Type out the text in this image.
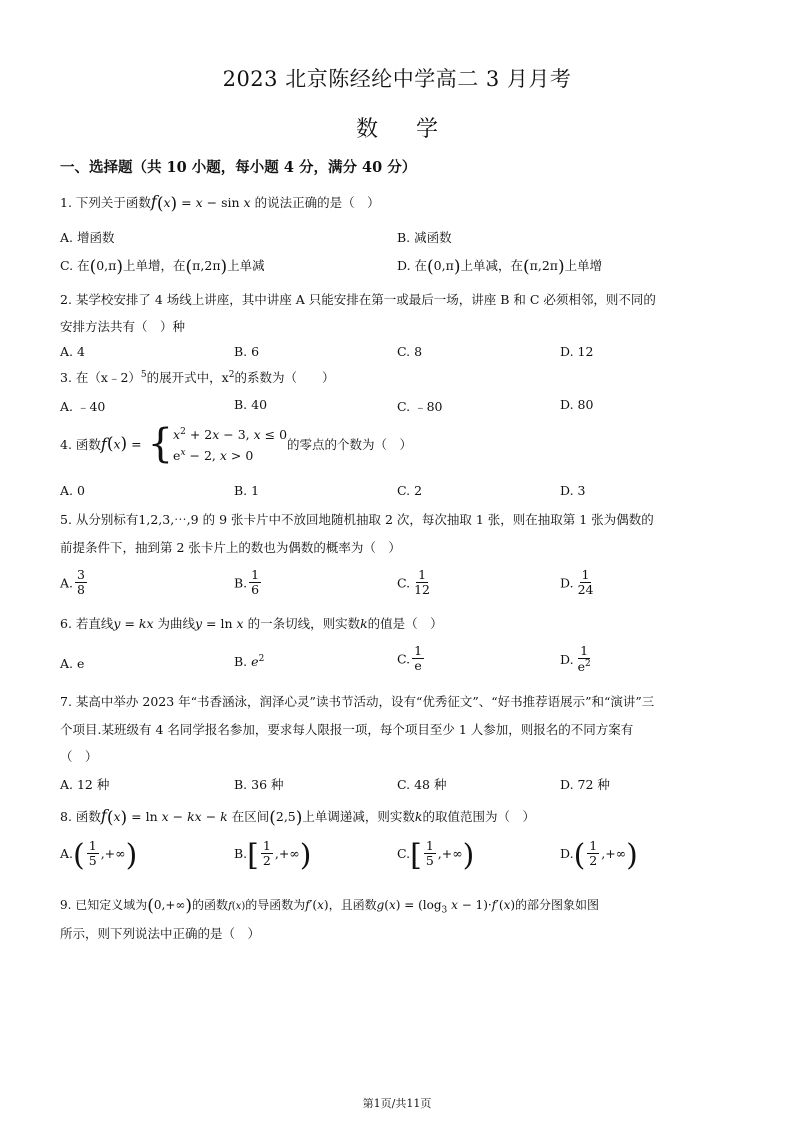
2023 北京陈经纶中学高二 3 月月考
数学
一、选择题（共 10 小题，每小题 4 分，满分 40 分）
1. 下列关于函数f(x) = x − sin x 的说法正确的是（　）
A. 增函数	B. 减函数
C. 在(0,π)上单增，在(π,2π)上单减	D. 在(0,π)上单减，在(π,2π)上单增
2. 某学校安排了 4 场线上讲座，其中讲座 A 只能安排在第一或最后一场，讲座 B 和 C 必须相邻，则不同的
安排方法共有（　）种
A. 4	B. 6	C. 8	D. 12
3. 在（x﹣2）$^5$的展开式中，$x^2$的系数为（　　）
A. ﹣40	B. 40	C. ﹣80	D. 80
4. 函数$f(x) = \{x^2 + 2x - 3$, x ≤ 0
$e^x - 2$, x > 0的零点的个数为（　）
A. 0	B. 1	C. 2	D. 3
5. 从分别标有1,2,3,⋯,9 的 9 张卡片中不放回地随机抽取 2 次，每次抽取 1 张，则在抽取第 1 张为偶数的
前提条件下，抽到第 2 张卡片上的数也为偶数的概率为（　）
A. $\frac{3}{8}$	B. $\frac{1}{6}$	C. $\frac{1}{12}$	D. $\frac{1}{24}$
6. 若直线y = kx 为曲线y = ln x 的一条切线，则实数k的值是（　）
A. e	B. $e^2$	C. $\frac{1}{e}$	D. $\frac{1}{e^2}$
7. 某高中举办 2023 年“书香涵泳，润泽心灵”读书节活动，设有“优秀征文”、“好书推荐语展示”和“演讲”三
个项目.某班级有 4 名同学报名参加，要求每人限报一项，每个项目至少 1 人参加，则报名的不同方案有
（　）
A. 12 种	B. 36 种	C. 48 种	D. 72 种
8. 函数f(x) = ln x − kx − k 在区间(2,5)上单调递减，则实数k的取值范围为（　）
$A.( \frac{1}{5}$ ,+∞)	$B.[ \frac{1}{2}$ ,+∞)	$C.[ \frac{1}{5}$ ,+∞)	$D.( \frac{1}{2}$ ,+∞)
9. 已知定义域为(0,+∞)的函数f(x)的导函数为f′(x)，且函数$g(x) = (\log_3$ x − 1)·f′(x)的部分图象如图
所示，则下列说法中正确的是（　）
第1页/共11页
